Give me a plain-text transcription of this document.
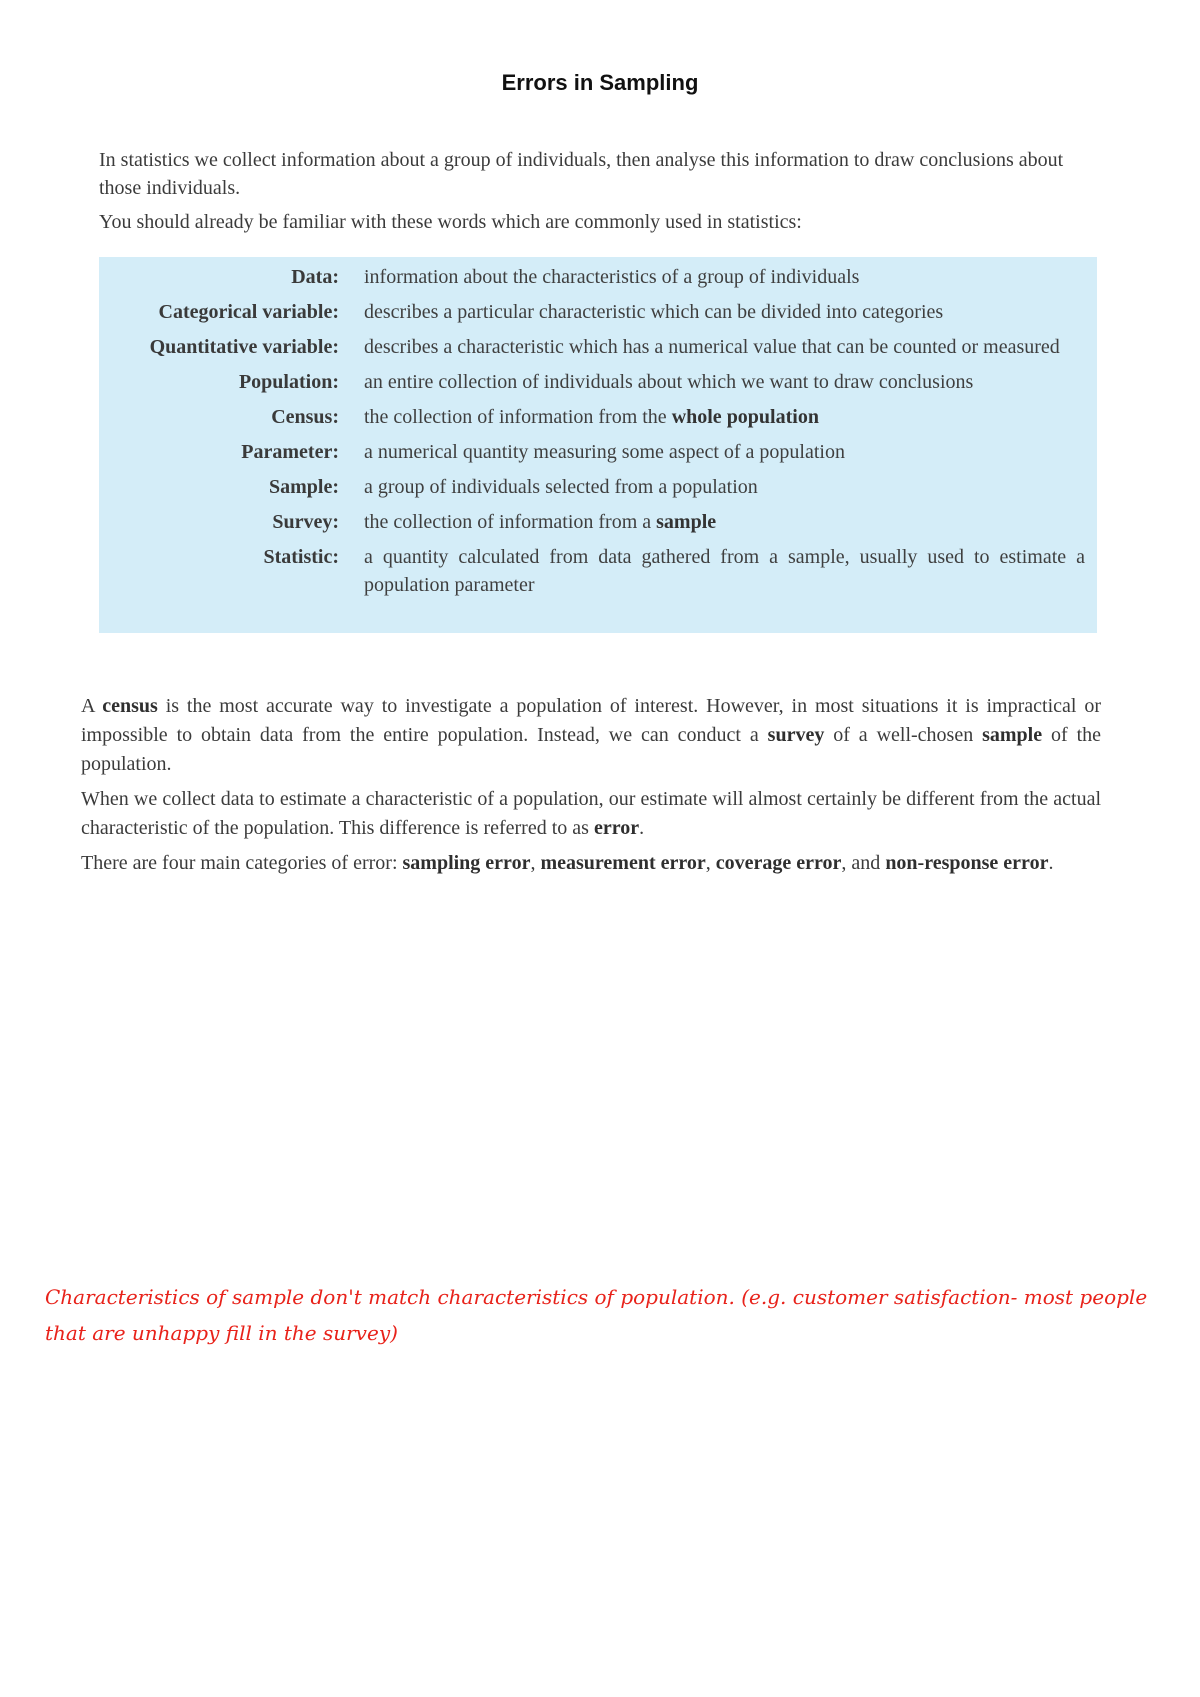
Errors in Sampling

In statistics we collect information about a group of individuals, then analyse this information to draw conclusions about those individuals.

You should already be familiar with these words which are commonly used in statistics:

Data: information about the characteristics of a group of individuals
Categorical variable: describes a particular characteristic which can be divided into categories
Quantitative variable: describes a characteristic which has a numerical value that can be counted or measured
Population: an entire collection of individuals about which we want to draw conclusions
Census: the collection of information from the whole population
Parameter: a numerical quantity measuring some aspect of a population
Sample: a group of individuals selected from a population
Survey: the collection of information from a sample
Statistic: a quantity calculated from data gathered from a sample, usually used to estimate a population parameter

A census is the most accurate way to investigate a population of interest. However, in most situations it is impractical or impossible to obtain data from the entire population. Instead, we can conduct a survey of a well-chosen sample of the population.

When we collect data to estimate a characteristic of a population, our estimate will almost certainly be different from the actual characteristic of the population. This difference is referred to as error.

There are four main categories of error: sampling error, measurement error, coverage error, and non-response error.

Characteristics of sample don't match characteristics of population. (e.g. customer satisfaction- most people that are unhappy fill in the survey)
